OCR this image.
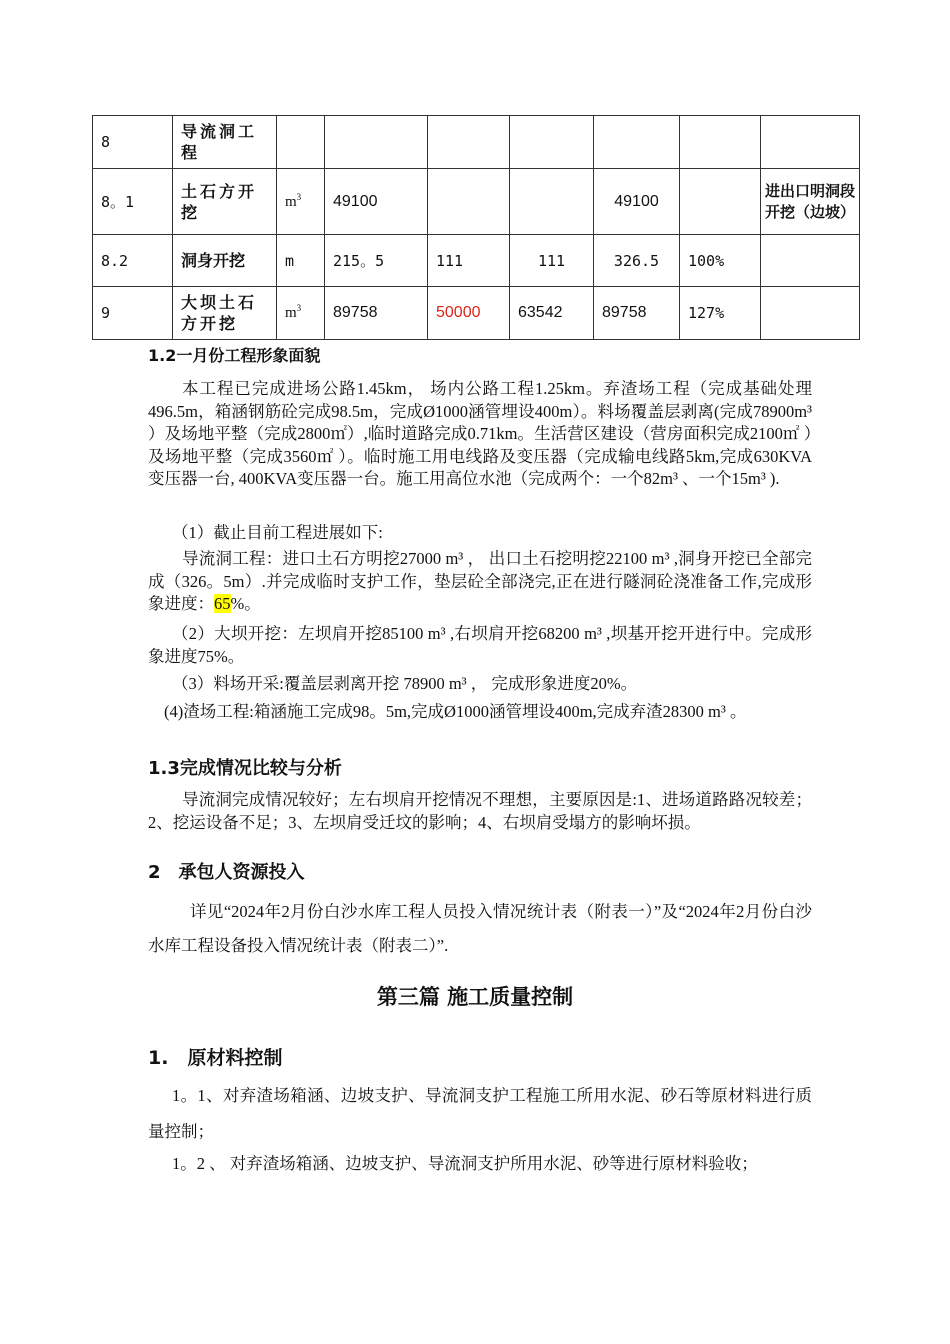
8	导流洞工程							
8。1	土石方开挖	$m^3$	49100			49100		进出口明洞段开挖（边坡）
8.2	洞身开挖	m	215。5	111	111	326.5	100%	
9	大坝土石方开挖	$m^3$	89758	50000	63542	89758	127%	
1.2一月份工程形象面貌

本工程已完成进场公路1.45km， 场内公路工程1.25km。弃渣场工程（完成基础处理496.5m，箱涵钢筋砼完成98.5m，完成Ø1000涵管埋设400m）。料场覆盖层剥离(完成78900m³ ）及场地平整（完成2800㎡）,临时道路完成0.71km。生活营区建设（营房面积完成2100㎡ ）及场地平整（完成3560㎡ ）。临时施工用电线路及变压器（完成输电线路5km,完成630KVA变压器一台, 400KVA变压器一台。施工用高位水池（完成两个：一个82m³ 、一个15m³ ).

（1）截止目前工程进展如下:

导流洞工程：进口土石方明挖27000 m³ ， 出口土石挖明挖22100 m³ ,洞身开挖已全部完成（326。5m）.并完成临时支护工作，垫层砼全部浇完,正在进行隧洞砼浇准备工作,完成形象进度：65%。

（2）大坝开挖：左坝肩开挖85100 m³ ,右坝肩开挖68200 m³ ,坝基开挖开进行中。完成形象进度75%。

（3）料场开采:覆盖层剥离开挖 78900 m³ ， 完成形象进度20%。

(4)渣场工程:箱涵施工完成98。5m,完成Ø1000涵管埋设400m,完成弃渣28300 m³ 。

1.3完成情况比较与分析

导流洞完成情况较好；左右坝肩开挖情况不理想，主要原因是:1、进场道路路况较差；2、挖运设备不足；3、左坝肩受迁坟的影响；4、右坝肩受塌方的影响坏损。

2　承包人资源投入

详见“2024年2月份白沙水库工程人员投入情况统计表（附表一）”及“2024年2月份白沙水库工程设备投入情况统计表（附表二）”.

第三篇 施工质量控制
1.　原材料控制

1。1、对弃渣场箱涵、边坡支护、导流洞支护工程施工所用水泥、砂石等原材料进行质量控制；

1。2 、 对弃渣场箱涵、边坡支护、导流洞支护所用水泥、砂等进行原材料验收；
